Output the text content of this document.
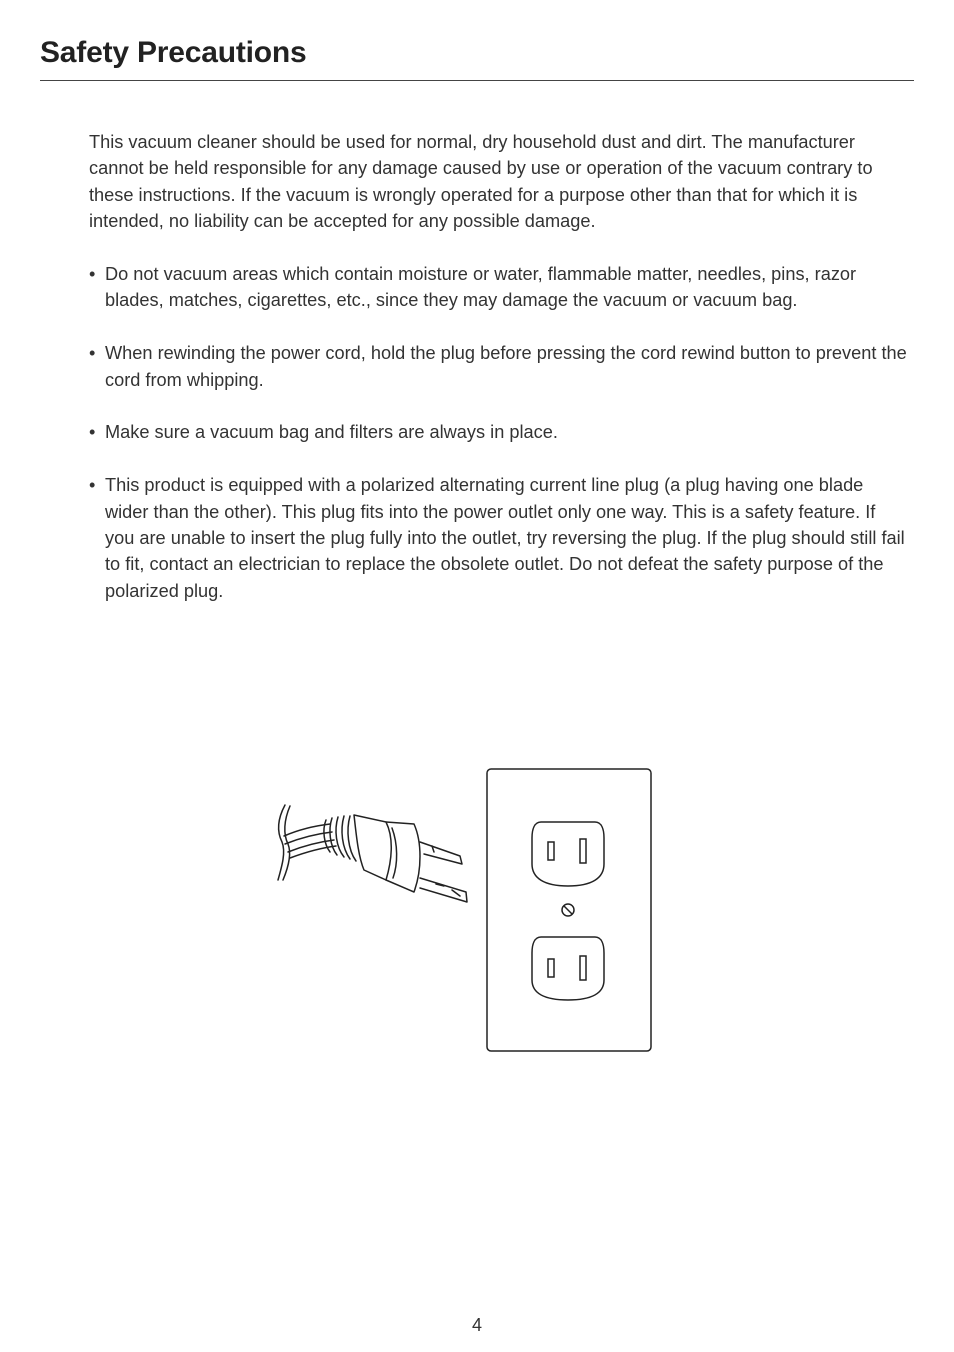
Safety Precautions

This vacuum cleaner should be used for normal, dry household dust and dirt. The manufacturer cannot be held responsible for any damage caused by use or operation of the vacuum contrary to these instructions. If the vacuum is wrongly operated for a purpose other than that for which it is intended, no liability can be accepted for any possible damage.

• Do not vacuum areas which contain moisture or water, flammable matter, needles, pins, razor blades, matches, cigarettes, etc., since they may damage the vacuum or vacuum bag.
• When rewinding the power cord, hold the plug before pressing the cord rewind button to prevent the cord from whipping.
• Make sure a vacuum bag and filters are always in place.
• This product is equipped with a polarized alternating current line plug (a plug having one blade wider than the other). This plug fits into the power outlet only one way. This is a safety feature. If you are unable to insert the plug fully into the outlet, try reversing the plug. If the plug should still fail to fit, contact an electrician to replace the obsolete outlet. Do not defeat the safety purpose of the polarized plug.
4
